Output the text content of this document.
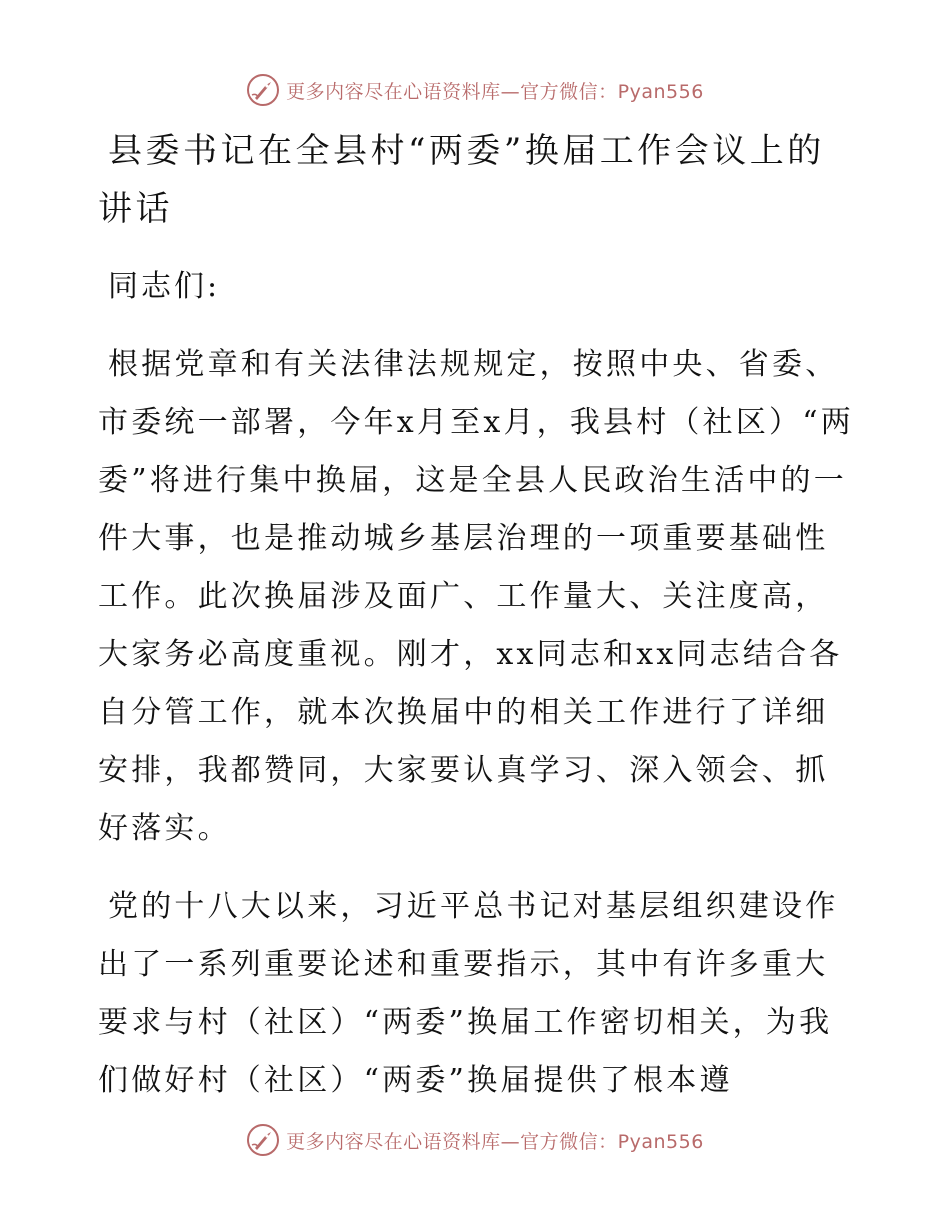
更多内容尽在心语资料库—官方微信：Pyan556
县委书记在全县村“两委”换届工作会议上的讲话

同志们:

根据党章和有关法律法规规定，按照中央、省委、市委统一部署，今年x月至x月，我县村（社区）“两委”将进行集中换届，这是全县人民政治生活中的一件大事，也是推动城乡基层治理的一项重要基础性工作。此次换届涉及面广、工作量大、关注度高，大家务必高度重视。刚才，xx同志和xx同志结合各自分管工作，就本次换届中的相关工作进行了详细安排，我都赞同，大家要认真学习、深入领会、抓好落实。

党的十八大以来，习近平总书记对基层组织建设作出了一系列重要论述和重要指示，其中有许多重大要求与村（社区）“两委”换届工作密切相关，为我们做好村（社区）“两委”换届提供了根本遵

更多内容尽在心语资料库—官方微信：Pyan556
